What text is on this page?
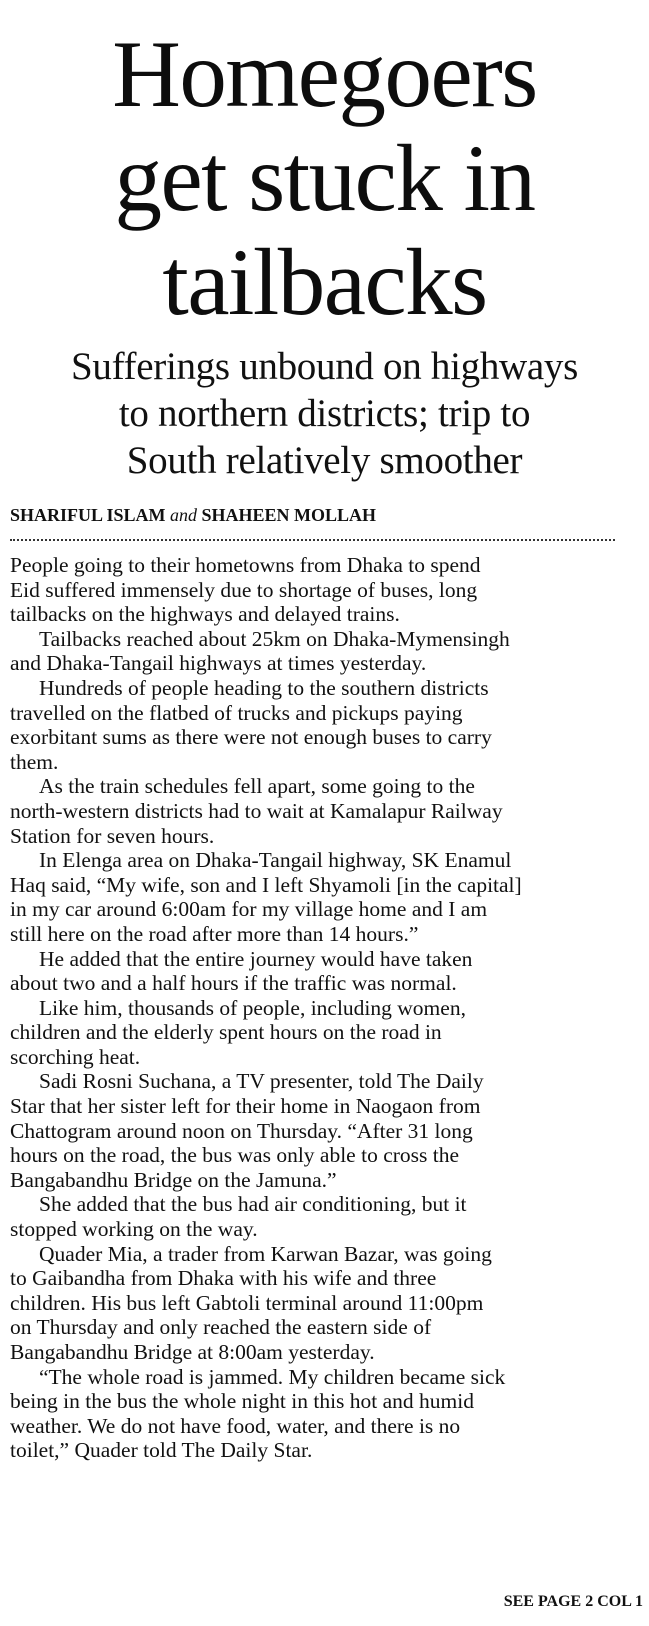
Homegoers
get stuck in
tailbacks
Sufferings unbound on highways
to northern districts; trip to
South relatively smoother
SHARIFUL ISLAM and SHAHEEN MOLLAH
People going to their hometowns from Dhaka to spend
Eid suffered immensely due to shortage of buses, long
tailbacks on the highways and delayed trains.
Tailbacks reached about 25km on Dhaka-Mymensingh
and Dhaka-Tangail highways at times yesterday.
Hundreds of people heading to the southern districts
travelled on the flatbed of trucks and pickups paying
exorbitant sums as there were not enough buses to carry
them.
As the train schedules fell apart, some going to the
north-western districts had to wait at Kamalapur Railway
Station for seven hours.
In Elenga area on Dhaka-Tangail highway, SK Enamul
Haq said, “My wife, son and I left Shyamoli [in the capital]
in my car around 6:00am for my village home and I am
still here on the road after more than 14 hours.”
He added that the entire journey would have taken
about two and a half hours if the traffic was normal.
Like him, thousands of people, including women,
children and the elderly spent hours on the road in
scorching heat.
Sadi Rosni Suchana, a TV presenter, told The Daily
Star that her sister left for their home in Naogaon from
Chattogram around noon on Thursday. “After 31 long
hours on the road, the bus was only able to cross the
Bangabandhu Bridge on the Jamuna.”
She added that the bus had air conditioning, but it
stopped working on the way.
Quader Mia, a trader from Karwan Bazar, was going
to Gaibandha from Dhaka with his wife and three
children. His bus left Gabtoli terminal around 11:00pm
on Thursday and only reached the eastern side of
Bangabandhu Bridge at 8:00am yesterday.
“The whole road is jammed. My children became sick
being in the bus the whole night in this hot and humid
weather. We do not have food, water, and there is no
toilet,” Quader told The Daily Star.
SEE PAGE 2 COL 1
